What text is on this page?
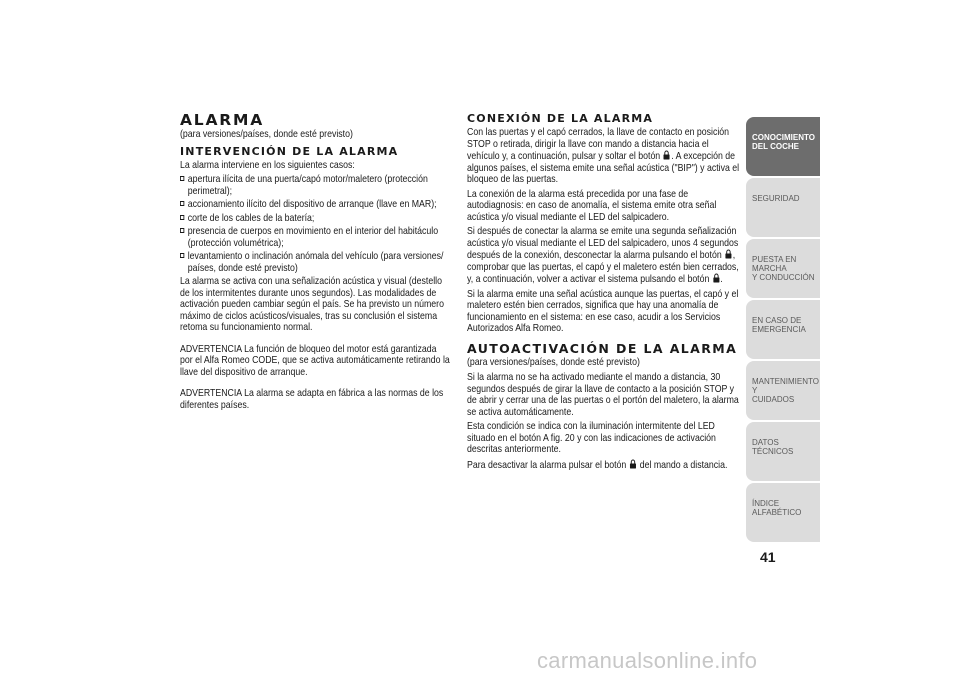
ALARMA

(para versiones/países, donde esté previsto)

INTERVENCIÓN DE LA ALARMA

La alarma interviene en los siguientes casos:

apertura ilícita de una puerta/capó motor/maletero (protección perimetral);
accionamiento ilícito del dispositivo de arranque (llave en MAR);
corte de los cables de la batería;
presencia de cuerpos en movimiento en el interior del habitáculo (protección volumétrica);
levantamiento o inclinación anómala del vehículo (para versiones/ países, donde esté previsto)

La alarma se activa con una señalización acústica y visual (destello de los intermitentes durante unos segundos). Las modalidades de activación pueden cambiar según el país. Se ha previsto un número máximo de ciclos acústicos/visuales, tras su conclusión el sistema retoma su funcionamiento normal.

ADVERTENCIA La función de bloqueo del motor está garantizada por el Alfa Romeo CODE, que se activa automáticamente retirando la llave del dispositivo de arranque.

ADVERTENCIA La alarma se adapta en fábrica a las normas de los diferentes países.

CONEXIÓN DE LA ALARMA

Con las puertas y el capó cerrados, la llave de contacto en posición STOP o retirada, dirigir la llave con mando a distancia hacia el vehículo y, a continuación, pulsar y soltar el botón . A excepción de algunos países, el sistema emite una señal acústica ("BIP") y activa el bloqueo de las puertas.

La conexión de la alarma está precedida por una fase de autodiagnosis: en caso de anomalía, el sistema emite otra señal acústica y/o visual mediante el LED del salpicadero.

Si después de conectar la alarma se emite una segunda señalización acústica y/o visual mediante el LED del salpicadero, unos 4 segundos después de la conexión, desconectar la alarma pulsando el botón , comprobar que las puertas, el capó y el maletero estén bien cerrados, y, a continuación, volver a activar el sistema pulsando el botón .

Si la alarma emite una señal acústica aunque las puertas, el capó y el maletero estén bien cerrados, significa que hay una anomalía de funcionamiento en el sistema: en ese caso, acudir a los Servicios Autorizados Alfa Romeo.

AUTOACTIVACIÓN DE LA ALARMA

(para versiones/países, donde esté previsto)

Si la alarma no se ha activado mediante el mando a distancia, 30 segundos después de girar la llave de contacto a la posición STOP y de abrir y cerrar una de las puertas o el portón del maletero, la alarma se activa automáticamente.

Esta condición se indica con la iluminación intermitente del LED situado en el botón A fig. 20 y con las indicaciones de activación descritas anteriormente.

Para desactivar la alarma pulsar el botón del mando a distancia.

CONOCIMIENTO
DEL COCHE
SEGURIDAD
PUESTA EN MARCHA
Y CONDUCCIÓN
EN CASO DE
EMERGENCIA
MANTENIMIENTO Y
CUIDADOS
DATOS TÉCNICOS
ÍNDICE ALFABÉTICO
41
carmanualsonline.info
